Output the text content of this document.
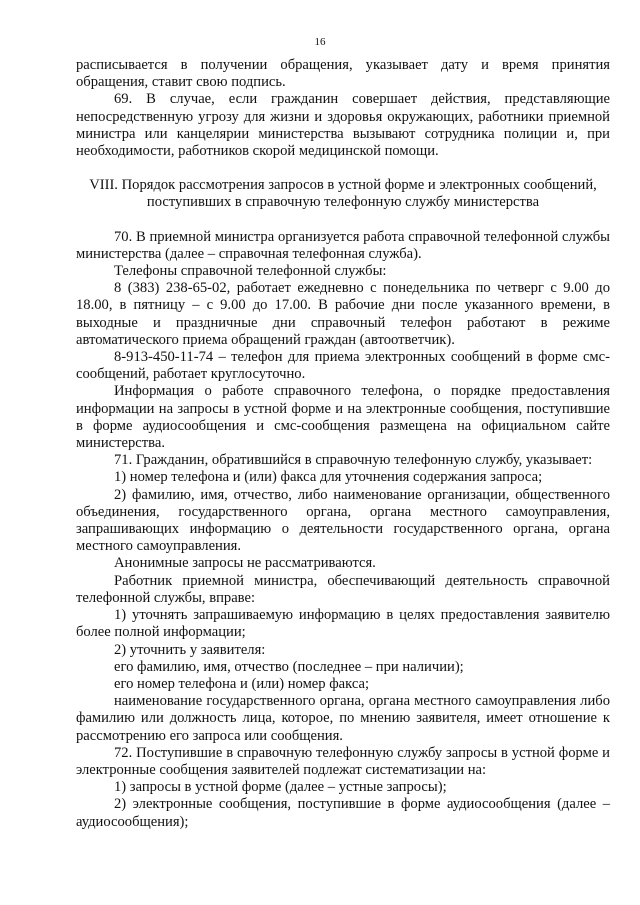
16

расписывается в получении обращения, указывает дату и время принятия обращения, ставит свою подпись.

69. В случае, если гражданин совершает действия, представляющие непосредственную угрозу для жизни и здоровья окружающих, работники приемной министра или канцелярии министерства вызывают сотрудника полиции и, при необходимости, работников скорой медицинской помощи.

VIII. Порядок рассмотрения запросов в устной форме и электронных сообщений,
поступивших в справочную телефонную службу министерства

70. В приемной министра организуется работа справочной телефонной службы министерства (далее – справочная телефонная служба).

Телефоны справочной телефонной службы:

8 (383) 238-65-02, работает ежедневно с понедельника по четверг с 9.00 до 18.00, в пятницу – с 9.00 до 17.00. В рабочие дни после указанного времени, в выходные и праздничные дни справочный телефон работают в режиме автоматического приема обращений граждан (автоответчик).

8-913-450-11-74 – телефон для приема электронных сообщений в форме смс-сообщений, работает круглосуточно.

Информация о работе справочного телефона, о порядке предоставления информации на запросы в устной форме и на электронные сообщения, поступившие в форме аудиосообщения и смс-сообщения размещена на официальном сайте министерства.

71. Гражданин, обратившийся в справочную телефонную службу, указывает:

1) номер телефона и (или) факса для уточнения содержания запроса;

2) фамилию, имя, отчество, либо наименование организации, общественного объединения, государственного органа, органа местного самоуправления, запрашивающих информацию о деятельности государственного органа, органа местного самоуправления.

Анонимные запросы не рассматриваются.

Работник приемной министра, обеспечивающий деятельность справочной телефонной службы, вправе:

1) уточнять запрашиваемую информацию в целях предоставления заявителю более полной информации;

2) уточнить у заявителя:

его фамилию, имя, отчество (последнее – при наличии);

его номер телефона и (или) номер факса;

наименование государственного органа, органа местного самоуправления либо фамилию или должность лица, которое, по мнению заявителя, имеет отношение к рассмотрению его запроса или сообщения.

72. Поступившие в справочную телефонную службу запросы в устной форме и электронные сообщения заявителей подлежат систематизации на:

1) запросы в устной форме (далее – устные запросы);

2) электронные сообщения, поступившие в форме аудиосообщения (далее – аудиосообщения);
